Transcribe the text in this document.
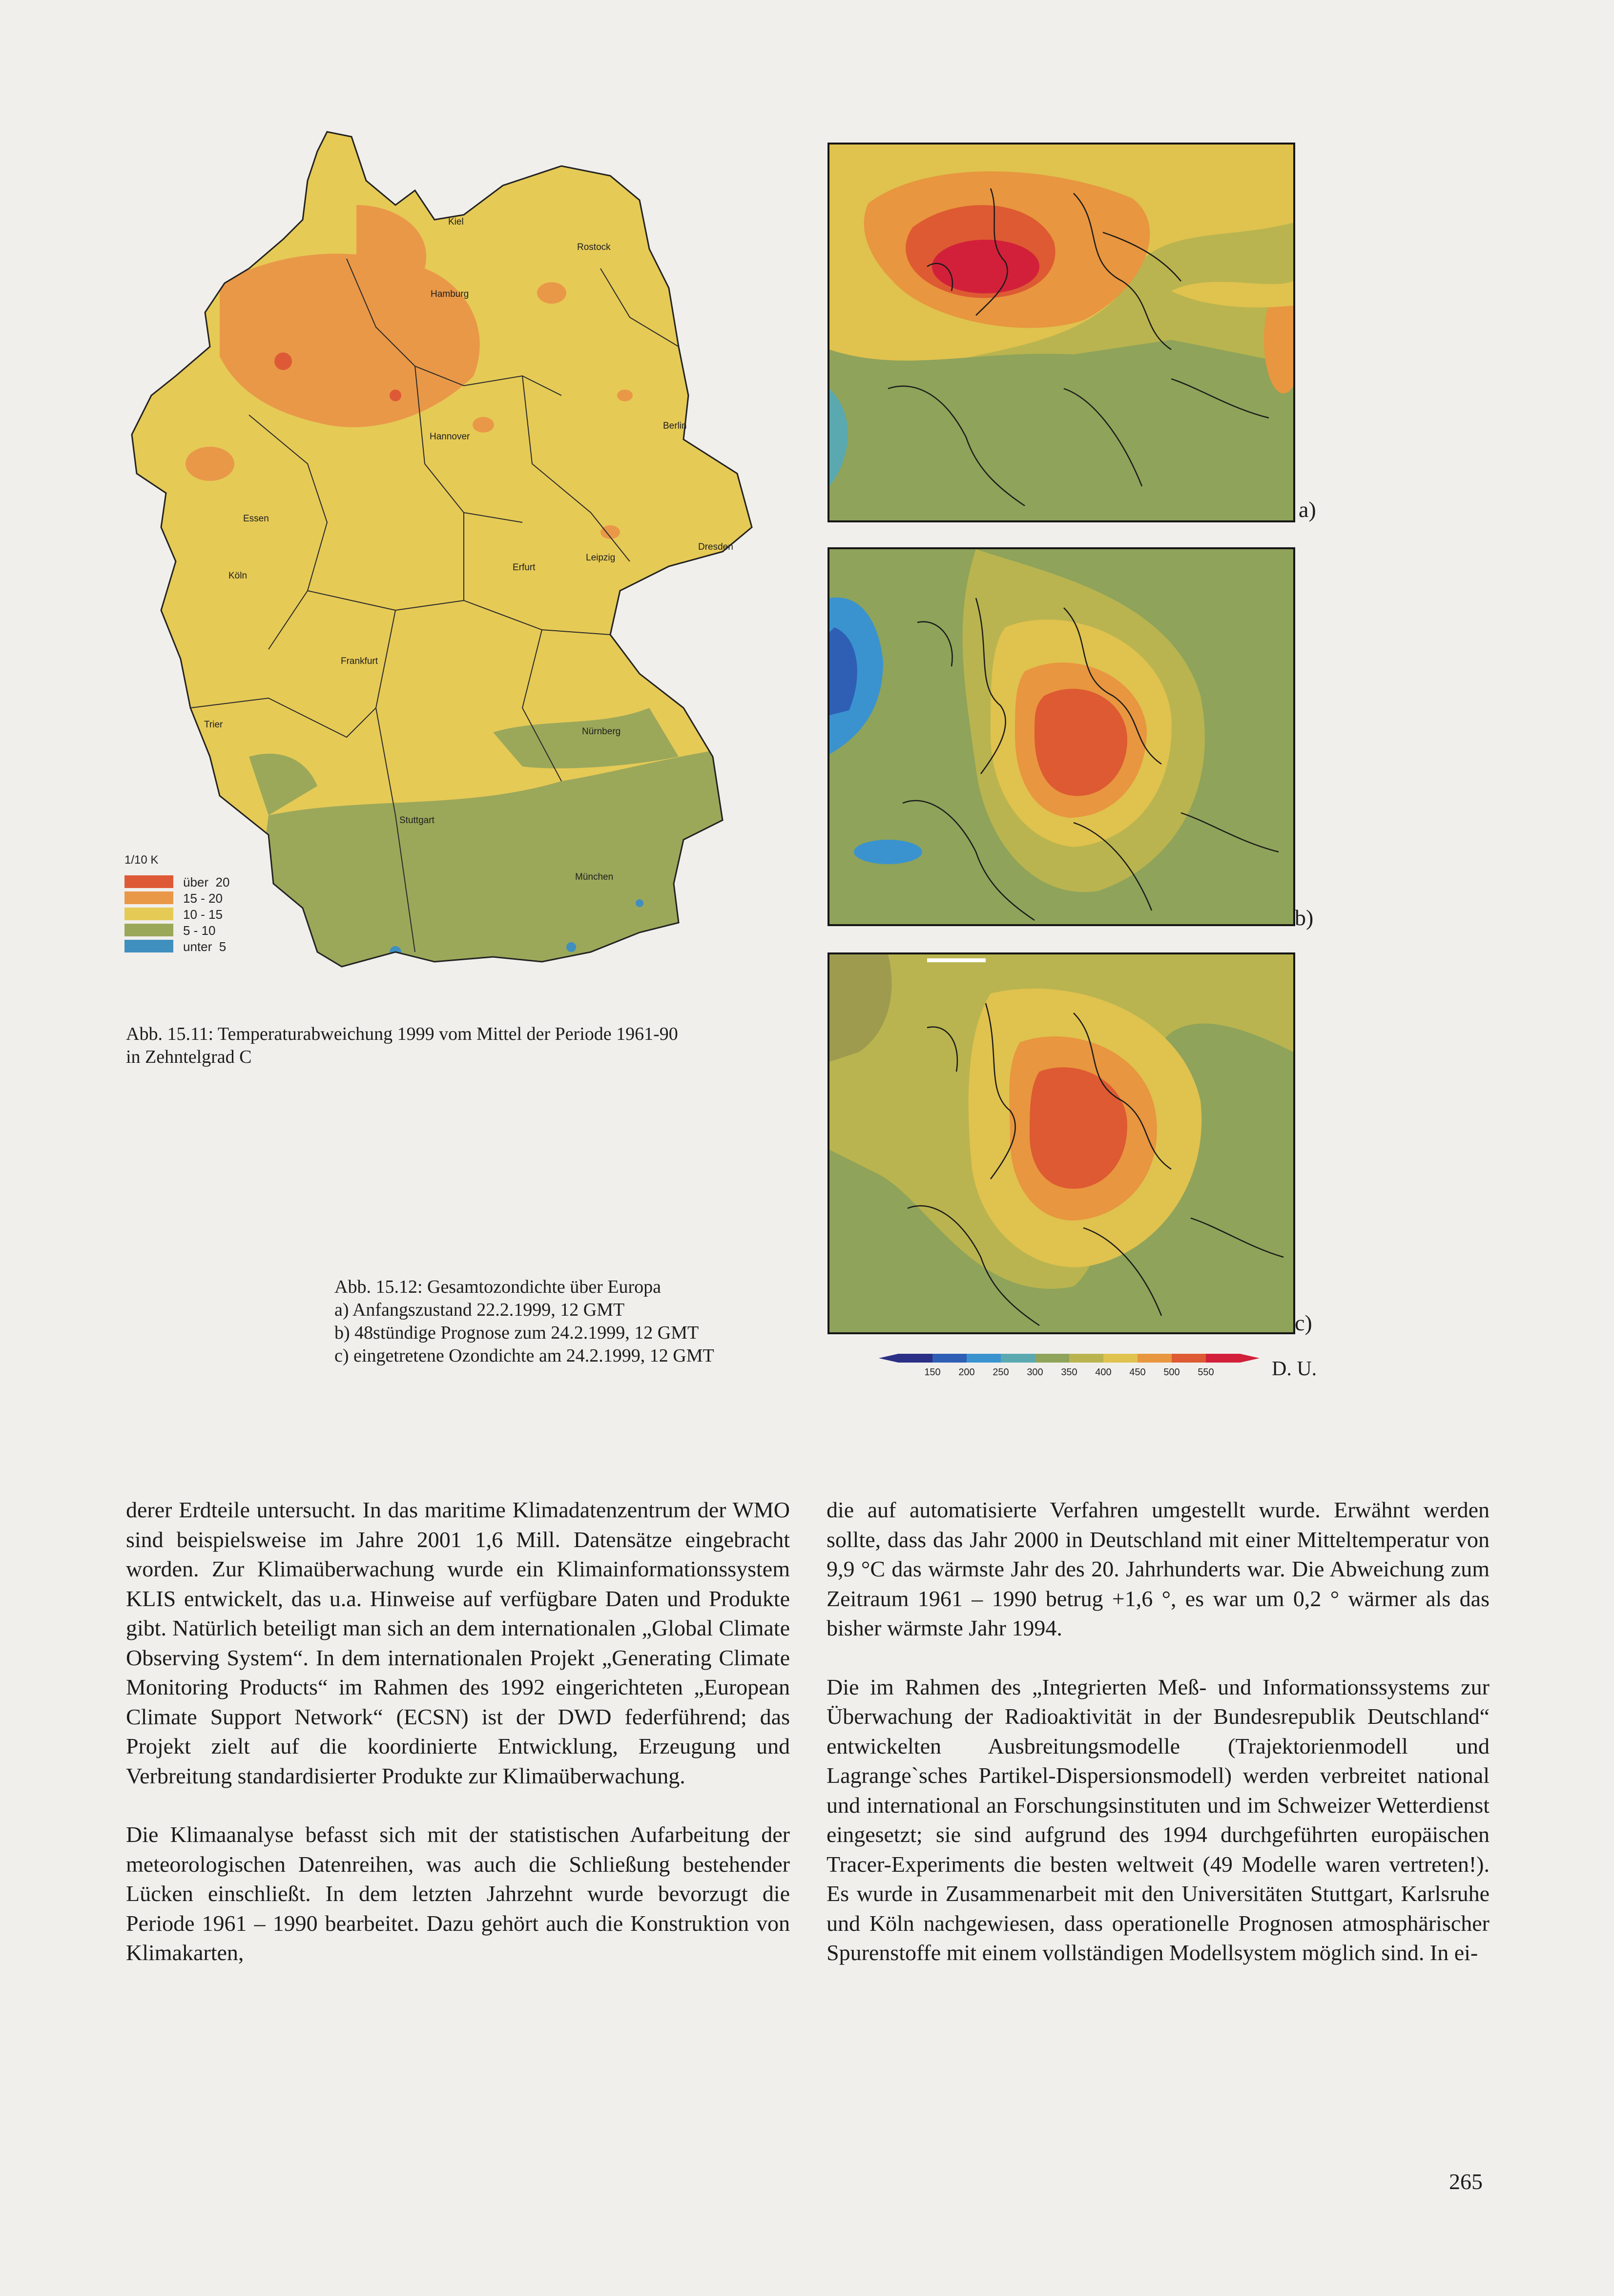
Kiel
Rostock
Hamburg
Berlin
Hannover
Essen
Dresden
Leipzig
Erfurt
Köln
Frankfurt
Trier
Nürnberg
Stuttgart
München
1/10 K
über  20
15 - 20
10 - 15
5 - 10
unter  5
Abb. 15.11: Temperaturabweichung 1999 vom Mittel der Periode 1961-90
in Zehntelgrad C
a)
b)
c)
150 200 250 300 350 400 450 500 550	D. U.
Abb. 15.12: Gesamtozondichte über Europa
a) Anfangszustand 22.2.1999, 12 GMT
b) 48stündige Prognose zum 24.2.1999, 12 GMT
c) eingetretene Ozondichte am 24.2.1999, 12 GMT

derer Erdteile untersucht. In das maritime Klimadatenzentrum der WMO sind beispielsweise im Jahre 2001 1,6 Mill. Datensätze eingebracht worden. Zur Klimaüberwachung wurde ein Klimainformationssystem KLIS entwickelt, das u.a. Hinweise auf verfügbare Daten und Produkte gibt. Natürlich beteiligt man sich an dem internationalen „Global Climate Observing System“. In dem internationalen Projekt „Generating Climate Monitoring Products“ im Rahmen des 1992 eingerichteten „European Climate Support Network“ (ECSN) ist der DWD federführend; das Projekt zielt auf die koordinierte Entwicklung, Erzeugung und Verbreitung standardisierter Produkte zur Klimaüberwachung.

Die Klimaanalyse befasst sich mit der statistischen Aufarbeitung der meteorologischen Datenreihen, was auch die Schließung bestehender Lücken einschließt. In dem letzten Jahrzehnt wurde bevorzugt die Periode 1961 – 1990 bearbeitet. Dazu gehört auch die Konstruktion von Klimakarten,

die auf automatisierte Verfahren umgestellt wurde. Erwähnt werden sollte, dass das Jahr 2000 in Deutschland mit einer Mitteltemperatur von 9,9 °C das wärmste Jahr des 20. Jahrhunderts war. Die Abweichung zum Zeitraum 1961 – 1990 betrug +1,6 °, es war um 0,2 ° wärmer als das bisher wärmste Jahr 1994.

Die im Rahmen des „Integrierten Meß- und Informationssystems zur Überwachung der Radioaktivität in der Bundesrepublik Deutschland“ entwickelten Ausbreitungsmodelle (Trajektorienmodell und Lagrange`sches Partikel-Dispersionsmodell) werden verbreitet national und international an Forschungsinstituten und im Schweizer Wetterdienst eingesetzt; sie sind aufgrund des 1994 durchgeführten europäischen Tracer-Experiments die besten weltweit (49 Modelle waren vertreten!). Es wurde in Zusammenarbeit mit den Universitäten Stuttgart, Karlsruhe und Köln nachgewiesen, dass operationelle Prognosen atmosphärischer Spurenstoffe mit einem vollständigen Modellsystem möglich sind. In ei-

265
